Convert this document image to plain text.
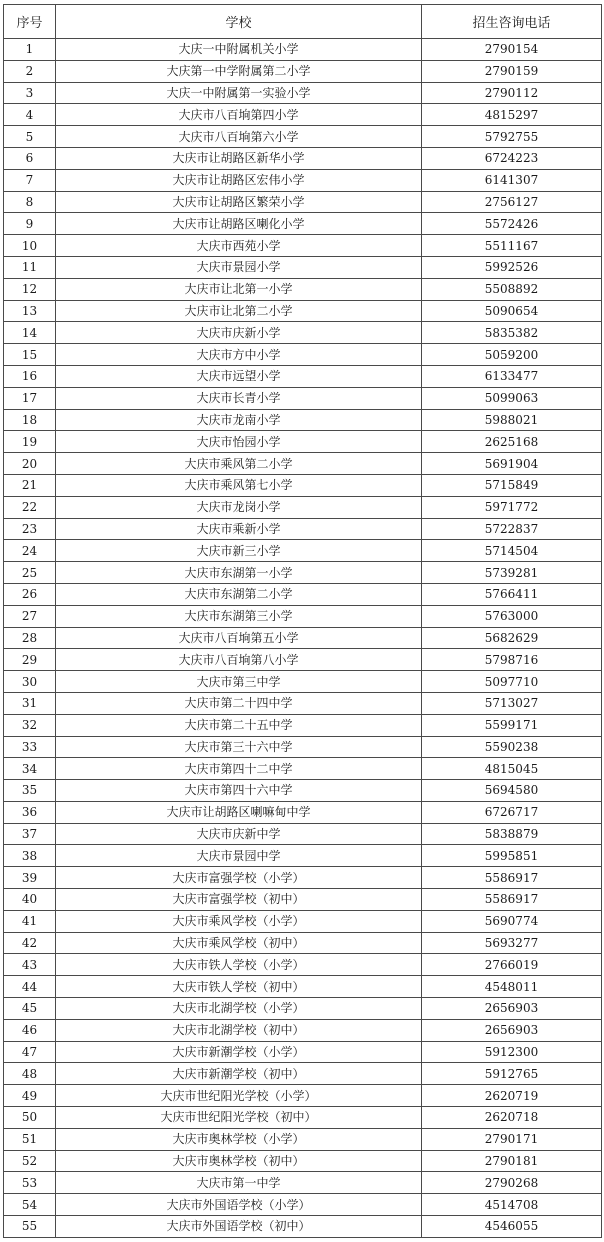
序号	学校	招生咨询电话
1	大庆一中附属机关小学	2790154
2	大庆第一中学附属第二小学	2790159
3	大庆一中附属第一实验小学	2790112
4	大庆市八百垧第四小学	4815297
5	大庆市八百垧第六小学	5792755
6	大庆市让胡路区新华小学	6724223
7	大庆市让胡路区宏伟小学	6141307
8	大庆市让胡路区繁荣小学	2756127
9	大庆市让胡路区喇化小学	5572426
10	大庆市西苑小学	5511167
11	大庆市景园小学	5992526
12	大庆市让北第一小学	5508892
13	大庆市让北第二小学	5090654
14	大庆市庆新小学	5835382
15	大庆市方中小学	5059200
16	大庆市远望小学	6133477
17	大庆市长青小学	5099063
18	大庆市龙南小学	5988021
19	大庆市怡园小学	2625168
20	大庆市乘风第二小学	5691904
21	大庆市乘风第七小学	5715849
22	大庆市龙岗小学	5971772
23	大庆市乘新小学	5722837
24	大庆市新三小学	5714504
25	大庆市东湖第一小学	5739281
26	大庆市东湖第二小学	5766411
27	大庆市东湖第三小学	5763000
28	大庆市八百垧第五小学	5682629
29	大庆市八百垧第八小学	5798716
30	大庆市第三中学	5097710
31	大庆市第二十四中学	5713027
32	大庆市第二十五中学	5599171
33	大庆市第三十六中学	5590238
34	大庆市第四十二中学	4815045
35	大庆市第四十六中学	5694580
36	大庆市让胡路区喇嘛甸中学	6726717
37	大庆市庆新中学	5838879
38	大庆市景园中学	5995851
39	大庆市富强学校（小学）	5586917
40	大庆市富强学校（初中）	5586917
41	大庆市乘风学校（小学）	5690774
42	大庆市乘风学校（初中）	5693277
43	大庆市铁人学校（小学）	2766019
44	大庆市铁人学校（初中）	4548011
45	大庆市北湖学校（小学）	2656903
46	大庆市北湖学校（初中）	2656903
47	大庆市新潮学校（小学）	5912300
48	大庆市新潮学校（初中）	5912765
49	大庆市世纪阳光学校（小学）	2620719
50	大庆市世纪阳光学校（初中）	2620718
51	大庆市奥林学校（小学）	2790171
52	大庆市奥林学校（初中）	2790181
53	大庆市第一中学	2790268
54	大庆市外国语学校（小学）	4514708
55	大庆市外国语学校（初中）	4546055
